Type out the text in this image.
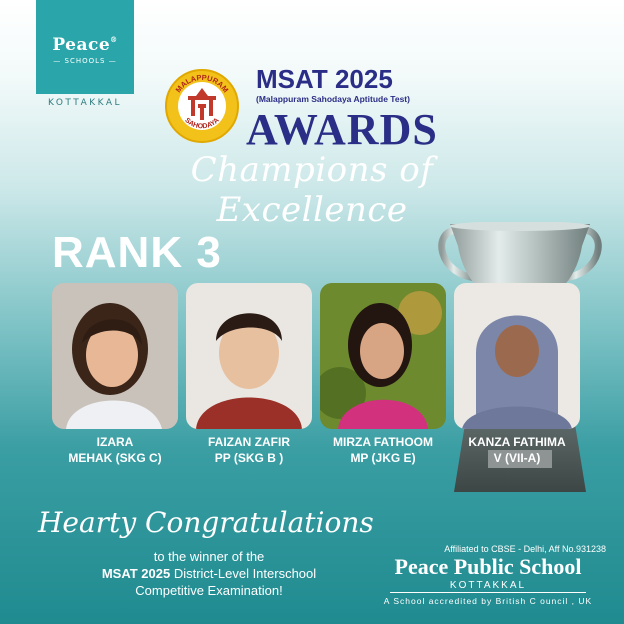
Peace®
— SCHOOLS —
KOTTAKKAL
MALAPPURAM
SAHODAYA
MSAT 2025
(Malappuram Sahodaya Aptitude Test)
AWARDS
Champions of Excellence
RANK 3
IZARA
MEHAK (SKG C)
FAIZAN ZAFIR
PP (SKG B )
MIRZA FATHOOM
MP (JKG E)
KANZA FATHIMA
V (VII-A)
Hearty Congratulations
to the winner of the
MSAT 2025 District-Level Interschool
Competitive Examination!
Affiliated to CBSE - Delhi, Aff No.931238
Peace Public School
KOTTAKKAL
A School accredited by British C ouncil , UK
